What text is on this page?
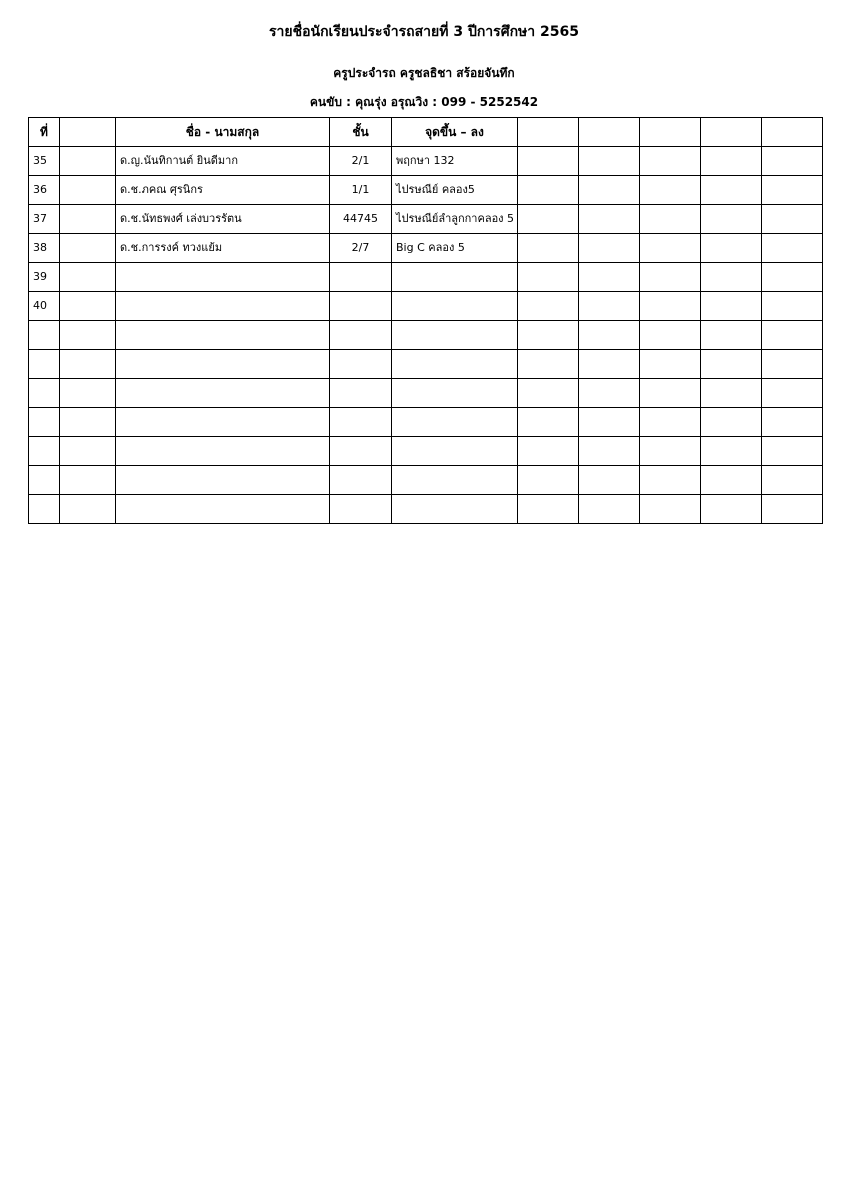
รายชื่อนักเรียนประจำรถสายที่ 3 ปีการศึกษา 2565
ครูประจำรถ ครูชลธิชา สร้อยจันทึก
คนขับ : คุณรุ่ง อรุณวิง : 099 - 5252542
ที่		ชื่อ - นามสกุล	ชั้น	จุดขึ้น – ลง					
35		ด.ญ.นันทิกานต์ ยินดีมาก	2/1	พฤกษา 132					
36		ด.ช.ภคณ ศุรนิกร	1/1	ไปรษณีย์ คลอง5					
37		ด.ช.นัทธพงศ์ เล่งบวรรัตน	44745	ไปรษณีย์ลำลูกกาคลอง 5					
38		ด.ช.การรงค์ ทวงแย้ม	2/7	Big C คลอง 5					
39									
40									
